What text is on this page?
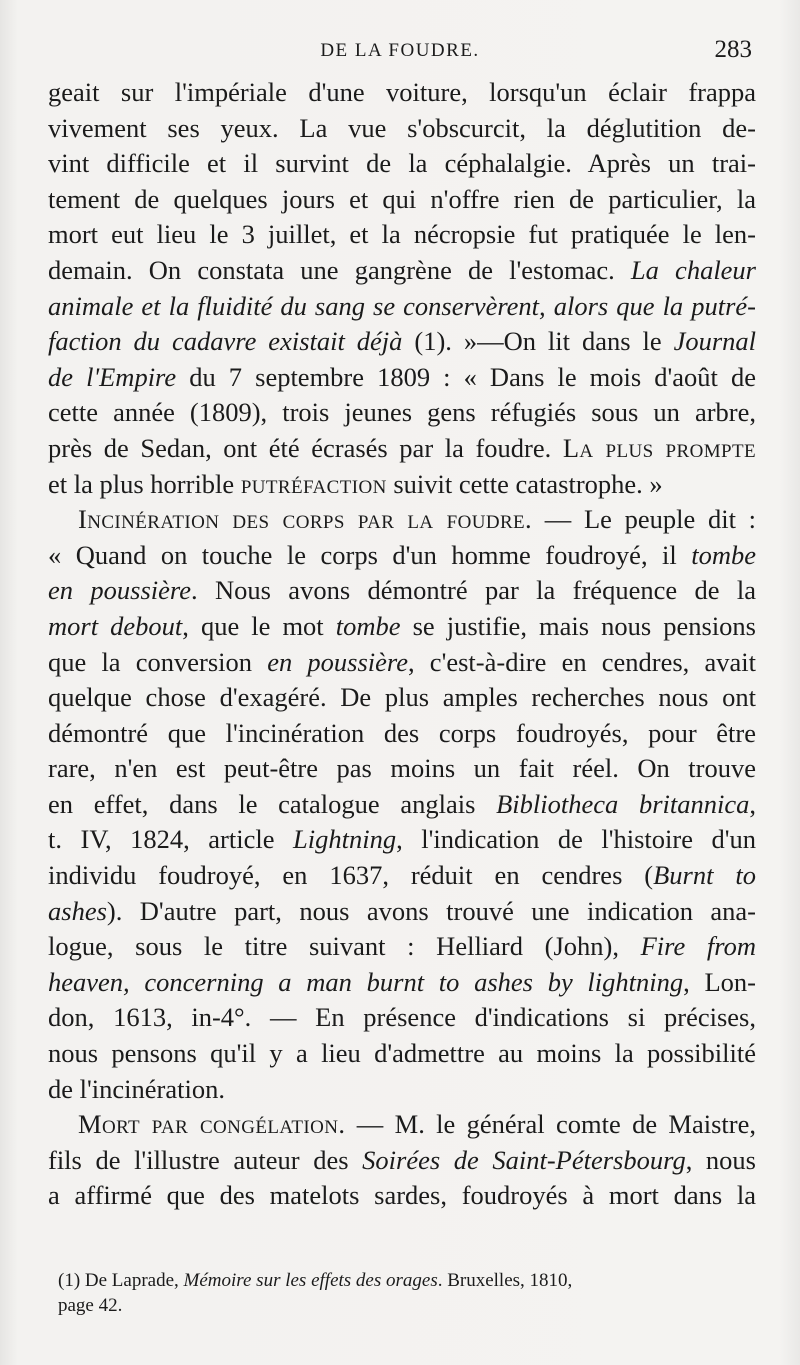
DE LA FOUDRE.	283
geait sur l'impériale d'une voiture, lorsqu'un éclair frappa
vivement ses yeux. La vue s'obscurcit, la déglutition de-
vint difficile et il survint de la céphalalgie. Après un trai-
tement de quelques jours et qui n'offre rien de particulier, la
mort eut lieu le 3 juillet, et la nécropsie fut pratiquée le len-
demain. On constata une gangrène de l'estomac. La chaleur
animale et la fluidité du sang se conservèrent, alors que la putré-
faction du cadavre existait déjà (1). »—On lit dans le Journal
de l'Empire du 7 septembre 1809 : « Dans le mois d'août de
cette année (1809), trois jeunes gens réfugiés sous un arbre,
près de Sedan, ont été écrasés par la foudre. La plus prompte
et la plus horrible putréfaction suivit cette catastrophe. »
Incinération des corps par la foudre. — Le peuple dit :
« Quand on touche le corps d'un homme foudroyé, il tombe
en poussière. Nous avons démontré par la fréquence de la
mort debout, que le mot tombe se justifie, mais nous pensions
que la conversion en poussière, c'est-à-dire en cendres, avait
quelque chose d'exagéré. De plus amples recherches nous ont
démontré que l'incinération des corps foudroyés, pour être
rare, n'en est peut-être pas moins un fait réel. On trouve
en effet, dans le catalogue anglais Bibliotheca britannica,
t. IV, 1824, article Lightning, l'indication de l'histoire d'un
individu foudroyé, en 1637, réduit en cendres (Burnt to
ashes). D'autre part, nous avons trouvé une indication ana-
logue, sous le titre suivant : Helliard (John), Fire from
heaven, concerning a man burnt to ashes by lightning, Lon-
don, 1613, in-4°. — En présence d'indications si précises,
nous pensons qu'il y a lieu d'admettre au moins la possibilité
de l'incinération.
Mort par congélation. — M. le général comte de Maistre,
fils de l'illustre auteur des Soirées de Saint-Pétersbourg, nous
a affirmé que des matelots sardes, foudroyés à mort dans la
(1) De Laprade, Mémoire sur les effets des orages. Bruxelles, 1810,
page 42.
